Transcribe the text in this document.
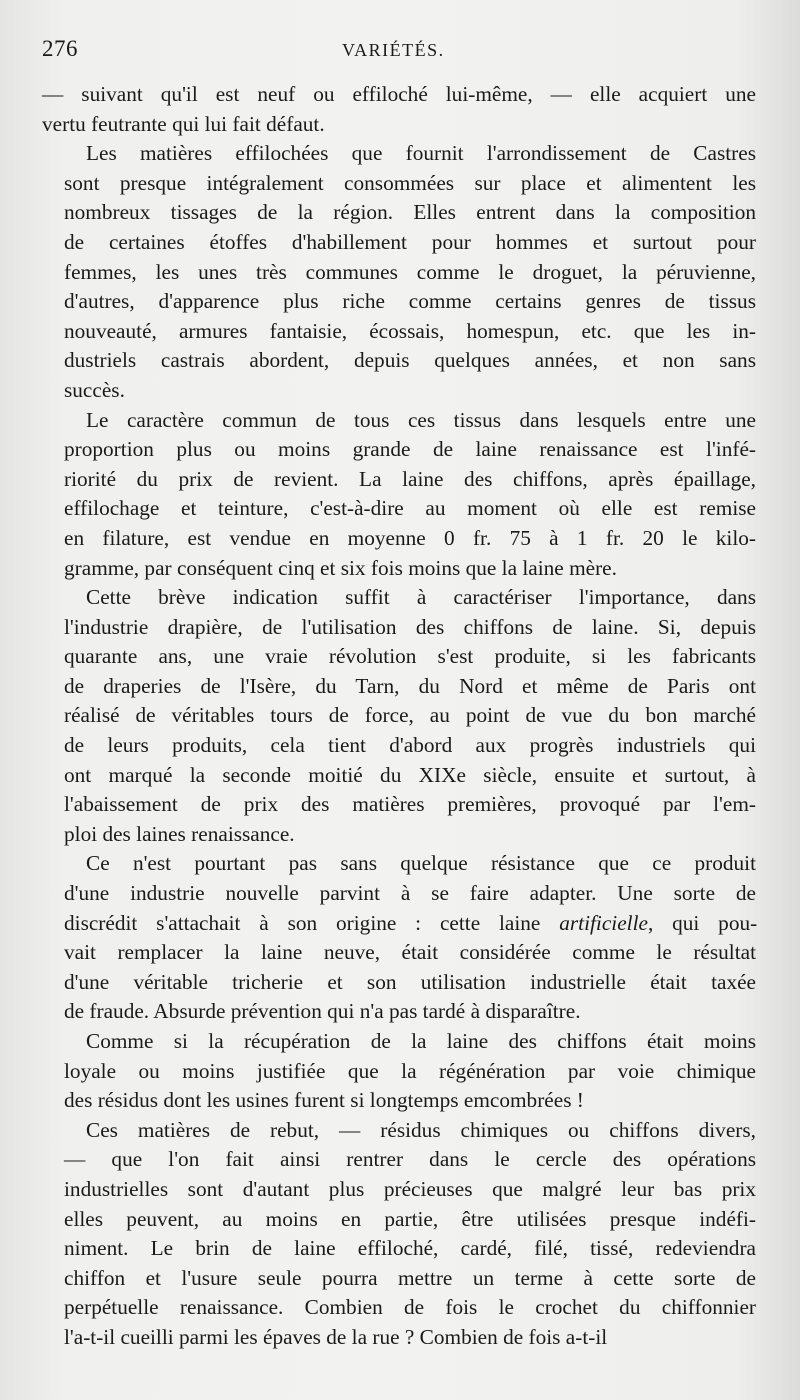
276	VARIÉTÉS.
— suivant qu'il est neuf ou effiloché lui-même, — elle acquiert une
vertu feutrante qui lui fait défaut.
Les matières effilochées que fournit l'arrondissement de Castres
sont presque intégralement consommées sur place et alimentent les
nombreux tissages de la région. Elles entrent dans la composition
de certaines étoffes d'habillement pour hommes et surtout pour
femmes, les unes très communes comme le droguet, la péruvienne,
d'autres, d'apparence plus riche comme certains genres de tissus
nouveauté, armures fantaisie, écossais, homespun, etc. que les in-
dustriels castrais abordent, depuis quelques années, et non sans
succès.
Le caractère commun de tous ces tissus dans lesquels entre une
proportion plus ou moins grande de laine renaissance est l'infé-
riorité du prix de revient. La laine des chiffons, après épaillage,
effilochage et teinture, c'est-à-dire au moment où elle est remise
en filature, est vendue en moyenne 0 fr. 75 à 1 fr. 20 le kilo-
gramme, par conséquent cinq et six fois moins que la laine mère.
Cette brève indication suffit à caractériser l'importance, dans
l'industrie drapière, de l'utilisation des chiffons de laine. Si, depuis
quarante ans, une vraie révolution s'est produite, si les fabricants
de draperies de l'Isère, du Tarn, du Nord et même de Paris ont
réalisé de véritables tours de force, au point de vue du bon marché
de leurs produits, cela tient d'abord aux progrès industriels qui
ont marqué la seconde moitié du XIXe siècle, ensuite et surtout, à
l'abaissement de prix des matières premières, provoqué par l'em-
ploi des laines renaissance.
Ce n'est pourtant pas sans quelque résistance que ce produit
d'une industrie nouvelle parvint à se faire adapter. Une sorte de
discrédit s'attachait à son origine : cette laine artificielle, qui pou-
vait remplacer la laine neuve, était considérée comme le résultat
d'une véritable tricherie et son utilisation industrielle était taxée
de fraude. Absurde prévention qui n'a pas tardé à disparaître.
Comme si la récupération de la laine des chiffons était moins
loyale ou moins justifiée que la régénération par voie chimique
des résidus dont les usines furent si longtemps emcombrées !
Ces matières de rebut, — résidus chimiques ou chiffons divers,
— que l'on fait ainsi rentrer dans le cercle des opérations
industrielles sont d'autant plus précieuses que malgré leur bas prix
elles peuvent, au moins en partie, être utilisées presque indéfi-
niment. Le brin de laine effiloché, cardé, filé, tissé, redeviendra
chiffon et l'usure seule pourra mettre un terme à cette sorte de
perpétuelle renaissance. Combien de fois le crochet du chiffonnier
l'a-t-il cueilli parmi les épaves de la rue ? Combien de fois a-t-il
